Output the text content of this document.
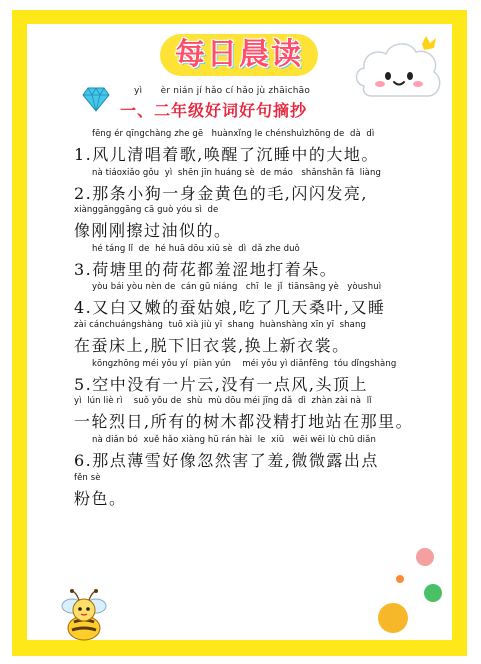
每日晨读
yì      èr nián jí hǎo cí hǎo jù zhāichāo
一、二年级好词好句摘抄
fēng ér qīngchàng zhe gē   huànxǐng le chénshuìzhōng de  dà  dì
1.风儿清唱着歌,唤醒了沉睡中的大地。
nà tiáoxiǎo gǒu  yì  shēn jīn huáng sè  de máo   shǎnshǎn fā  liàng
2.那条小狗一身金黄色的毛,闪闪发亮,
xiànggānggāng cā guò yóu sì  de
像刚刚擦过油似的。
hé táng lǐ  de  hé huā dōu xiū sè  dì  dǎ zhe duǒ
3.荷塘里的荷花都羞涩地打着朵。
yòu bái yòu nèn de  cán gū niáng   chī  le  jǐ  tiānsāng yè   yòushuì
4.又白又嫩的蚕姑娘,吃了几天桑叶,又睡
zài cánchuángshàng  tuō xià jiù yī  shang  huànshàng xīn yī  shang
在蚕床上,脱下旧衣裳,换上新衣裳。
kōngzhōng méi yǒu yí  piàn yún    méi yǒu yì diǎnfēng  tóu dǐngshàng
5.空中没有一片云,没有一点风,头顶上
yì  lún liè rì    suǒ yǒu de  shù  mù dōu méi jīng dǎ  dì  zhàn zài nà  lǐ
一轮烈日,所有的树木都没精打地站在那里。
nà diǎn bó  xuě hǎo xiàng hū rán hài  le  xiū   wēi wēi lù chū diǎn
6.那点薄雪好像忽然害了羞,微微露出点
fěn sè
粉色。
